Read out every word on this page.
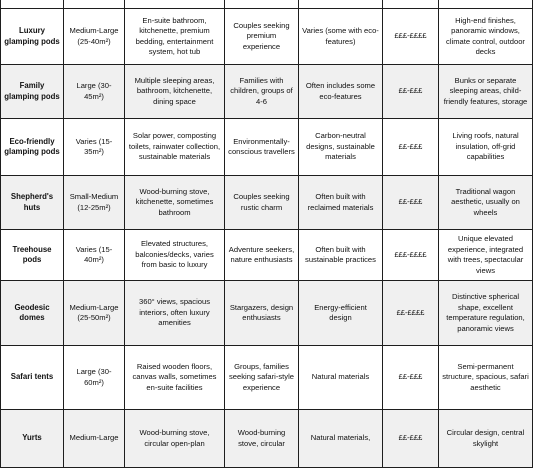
Luxury glamping pods	Medium-Large (25-40m²)	En-suite bathroom, kitchenette, premium bedding, entertainment system, hot tub	Couples seeking premium experience	Varies (some with eco-features)	£££-££££	High-end finishes, panoramic windows, climate control, outdoor decks
Family glamping pods	Large (30-45m²)	Multiple sleeping areas, bathroom, kitchenette, dining space	Families with children, groups of 4-6	Often includes some eco-features	££-£££	Bunks or separate sleeping areas, child-friendly features, storage
Eco-friendly glamping pods	Varies (15-35m²)	Solar power, composting toilets, rainwater collection, sustainable materials	Environmentally-conscious travellers	Carbon-neutral designs, sustainable materials	££-£££	Living roofs, natural insulation, off-grid capabilities
Shepherd's huts	Small-Medium (12-25m²)	Wood-burning stove, kitchenette, sometimes bathroom	Couples seeking rustic charm	Often built with reclaimed materials	££-£££	Traditional wagon aesthetic, usually on wheels
Treehouse pods	Varies (15-40m²)	Elevated structures, balconies/decks, varies from basic to luxury	Adventure seekers, nature enthusiasts	Often built with sustainable practices	£££-££££	Unique elevated experience, integrated with trees, spectacular views
Geodesic domes	Medium-Large (25-50m²)	360° views, spacious interiors, often luxury amenities	Stargazers, design enthusiasts	Energy-efficient design	££-££££	Distinctive spherical shape, excellent temperature regulation, panoramic views
Safari tents	Large (30-60m²)	Raised wooden floors, canvas walls, sometimes en-suite facilities	Groups, families seeking safari-style experience	Natural materials	££-£££	Semi-permanent structure, spacious, safari aesthetic
Yurts	Medium-Large	Wood-burning stove, circular open-plan	Wood-burning stove, circular	Natural materials,	££-£££	Circular design, central skylight
